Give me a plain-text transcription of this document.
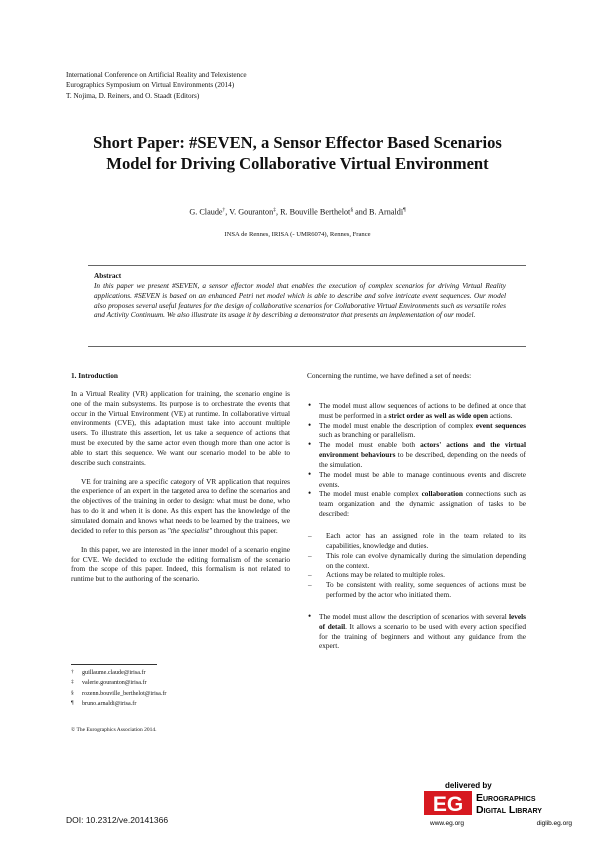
International Conference on Artificial Reality and Telexistence
Eurographics Symposium on Virtual Environments (2014)
T. Nojima, D. Reiners, and O. Staadt (Editors)
Short Paper: #SEVEN, a Sensor Effector Based Scenarios
Model for Driving Collaborative Virtual Environment
G. Claude†, V. Gouranton‡, R. Bouville Berthelot§ and B. Arnaldi¶
INSA de Rennes, IRISA (- UMR6074), Rennes, France
Abstract
In this paper we present #SEVEN, a sensor effector model that enables the execution of complex scenarios for driving Virtual Reality applications. #SEVEN is based on an enhanced Petri net model which is able to describe and solve intricate event sequences. Our model also proposes several useful features for the design of collaborative scenarios for Collaborative Virtual Environments such as versatile roles and Activity Continuum. We also illustrate its usage it by describing a demonstrator that presents an implementation of our model.
1. Introduction

In a Virtual Reality (VR) application for training, the scenario engine is one of the main subsystems. Its purpose is to orchestrate the events that occur in the Virtual Environment (VE) at runtime. In collaborative virtual environments (CVE), this adaptation must take into account multiple users. To illustrate this assertion, let us take a sequence of actions that must be executed by the same actor even though more than one actor is able to start this sequence. We want our scenario model to be able to describe such constraints.

VE for training are a specific category of VR application that requires the experience of an expert in the targeted area to define the scenarios and the objectives of the training in order to design: what must be done, who has to do it and when it is done. As this expert has the knowledge of the simulated domain and knows what needs to be learned by the trainees, we decided to refer to this person as "the specialist" throughout this paper.

In this paper, we are interested in the inner model of a scenario engine for CVE. We decided to exclude the editing formalism of the scenario from the scope of this paper. Indeed, this formalism is not related to runtime but to the authoring of the scenario.

† guillaume.claude@irisa.fr
‡ valerie.gouranton@irisa.fr
§ rozenn.bouville_berthelot@irisa.fr
¶ bruno.arnaldi@irisa.fr
© The Eurographics Association 2014.

Concerning the runtime, we have defined a set of needs:

• The model must allow sequences of actions to be defined at once that must be performed in a strict order as well as wide open actions.
• The model must enable the description of complex event sequences such as branching or parallelism.
• The model must enable both actors' actions and the virtual environment behaviours to be described, depending on the needs of the simulation.
• The model must be able to manage continuous events and discrete events.
• The model must enable complex collaboration connections such as team organization and the dynamic assignation of tasks to be described:
– Each actor has an assigned role in the team related to its capabilities, knowledge and duties.
– This role can evolve dynamically during the simulation depending on the context.
– Actions may be related to multiple roles.
– To be consistent with reality, some sequences of actions must be performed by the actor who initiated them.
• The model must allow the description of scenarios with several levels of detail. It allows a scenario to be used with every action specified for the training of beginners and without any guidance from the expert.
DOI: 10.2312/ve.20141366
delivered by
EG Eurographics
Digital Library
www.eg.org	diglib.eg.org
